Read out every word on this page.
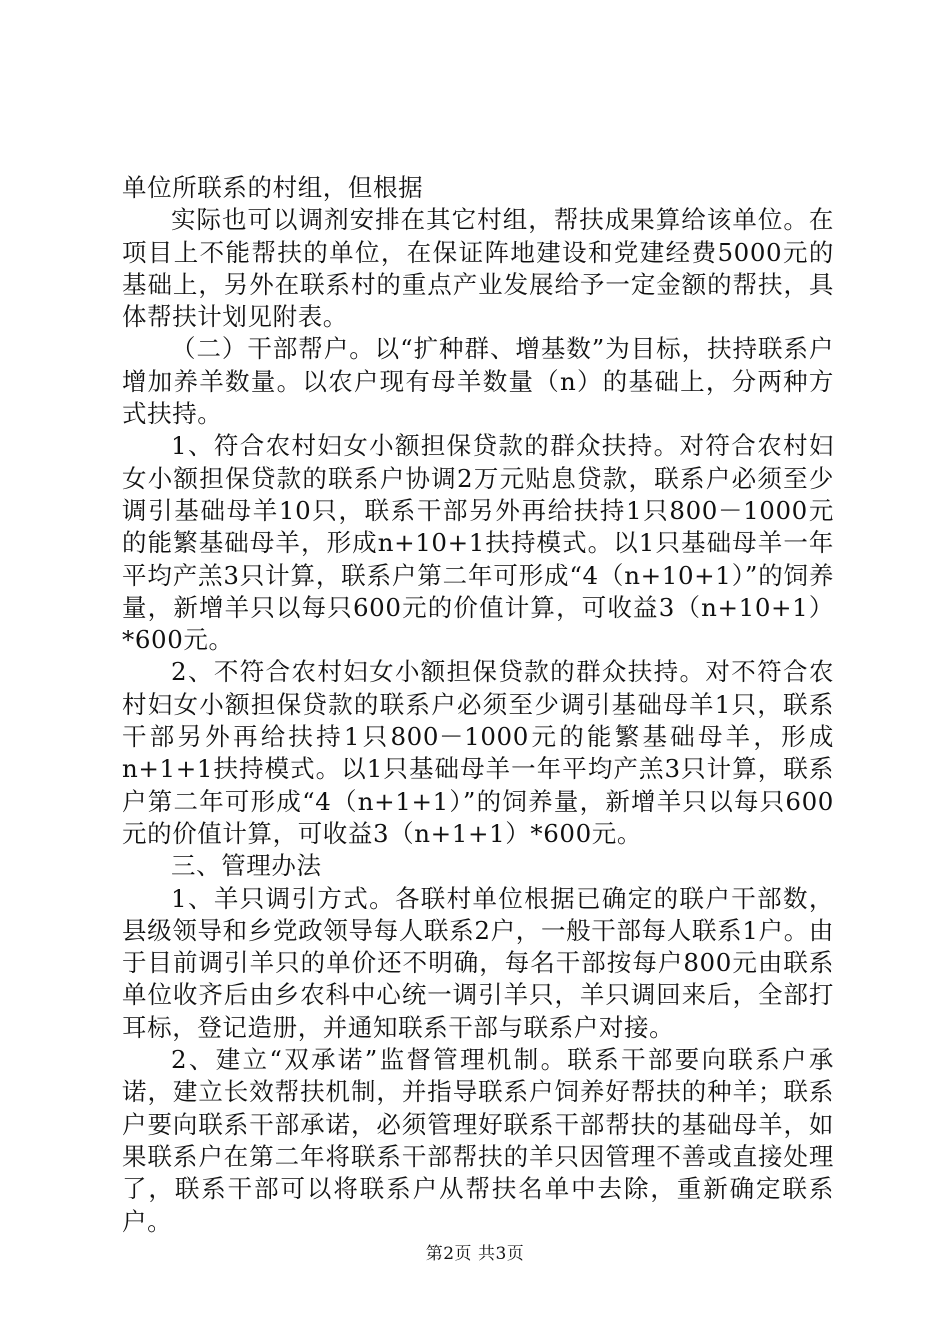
单位所联系的村组，但根据

实际也可以调剂安排在其它村组，帮扶成果算给该单位。在项目上不能帮扶的单位，在保证阵地建设和党建经费5000元的基础上，另外在联系村的重点产业发展给予一定金额的帮扶，具体帮扶计划见附表。

（二）干部帮户。以“扩种群、增基数”为目标，扶持联系户增加养羊数量。以农户现有母羊数量（n）的基础上，分两种方式扶持。

1、符合农村妇女小额担保贷款的群众扶持。对符合农村妇女小额担保贷款的联系户协调2万元贴息贷款，联系户必须至少调引基础母羊10只，联系干部另外再给扶持1只800－1000元的能繁基础母羊，形成n+10+1扶持模式。以1只基础母羊一年平均产羔3只计算，联系户第二年可形成“4（n+10+1）”的饲养量，新增羊只以每只600元的价值计算，可收益3（n+10+1）*600元。

2、不符合农村妇女小额担保贷款的群众扶持。对不符合农村妇女小额担保贷款的联系户必须至少调引基础母羊1只，联系干部另外再给扶持1只800－1000元的能繁基础母羊，形成n+1+1扶持模式。以1只基础母羊一年平均产羔3只计算，联系户第二年可形成“4（n+1+1）”的饲养量，新增羊只以每只600元的价值计算，可收益3（n+1+1）*600元。

三、管理办法

1、羊只调引方式。各联村单位根据已确定的联户干部数，县级领导和乡党政领导每人联系2户，一般干部每人联系1户。由于目前调引羊只的单价还不明确，每名干部按每户800元由联系单位收齐后由乡农科中心统一调引羊只，羊只调回来后，全部打耳标，登记造册，并通知联系干部与联系户对接。

2、建立“双承诺”监督管理机制。联系干部要向联系户承诺，建立长效帮扶机制，并指导联系户饲养好帮扶的种羊；联系户要向联系干部承诺，必须管理好联系干部帮扶的基础母羊，如果联系户在第二年将联系干部帮扶的羊只因管理不善或直接处理了，联系干部可以将联系户从帮扶名单中去除，重新确定联系户。

第2页 共3页
